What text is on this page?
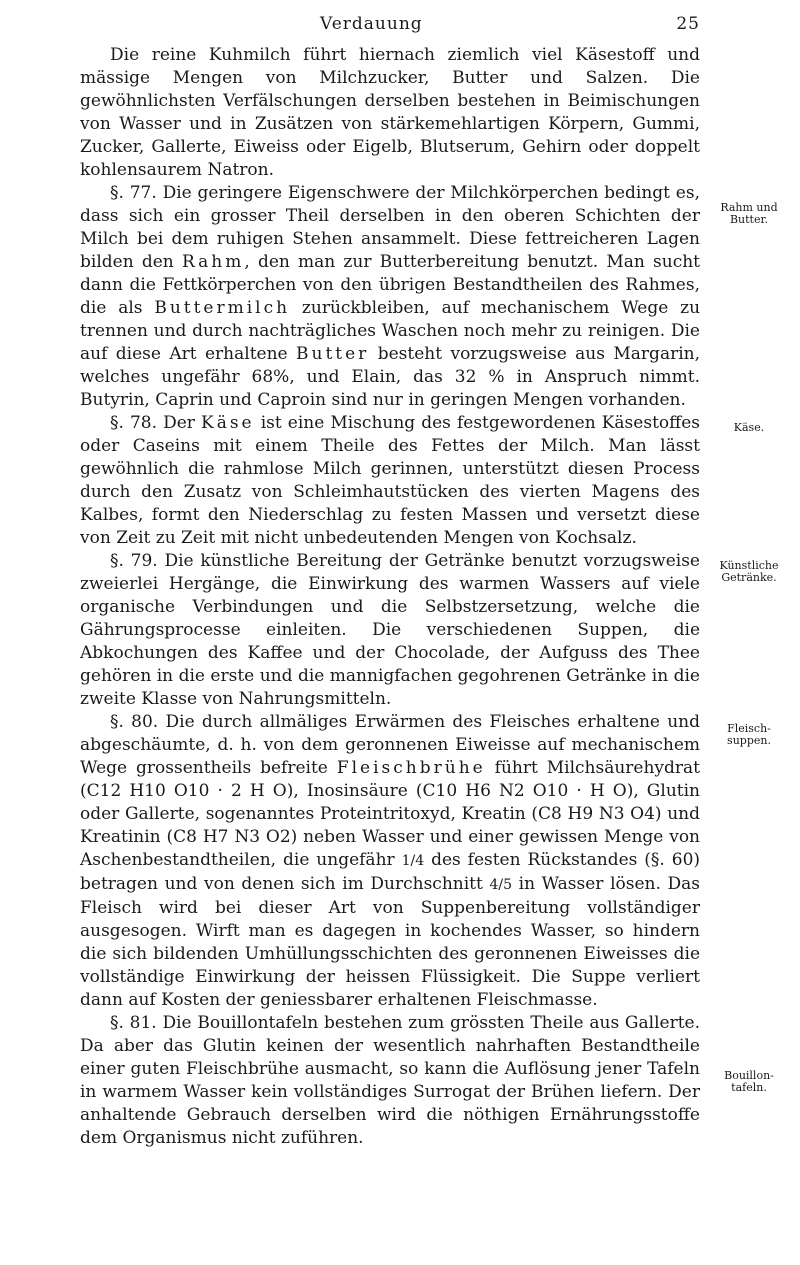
Verdauung	25

Die reine Kuhmilch führt hiernach ziemlich viel Käsestoff und mässige Mengen von Milchzucker, Butter und Salzen. Die gewöhnlichsten Verfälschungen derselben bestehen in Beimischungen von Wasser und in Zusätzen von stärkemehlartigen Körpern, Gummi, Zucker, Gallerte, Eiweiss oder Eigelb, Blutserum, Gehirn oder doppelt kohlensaurem Natron.

§. 77. Die geringere Eigenschwere der Milchkörperchen bedingt es, dass sich ein grosser Theil derselben in den oberen Schichten der Milch bei dem ruhigen Stehen ansammelt. Diese fettreicheren Lagen bilden den Rahm, den man zur Butterbereitung benutzt. Man sucht dann die Fettkörperchen von den übrigen Bestandtheilen des Rahmes, die als Buttermilch zurückbleiben, auf mechanischem Wege zu trennen und durch nachträgliches Waschen noch mehr zu reinigen. Die auf diese Art erhaltene Butter besteht vorzugsweise aus Margarin, welches ungefähr 68%, und Elain, das 32 % in Anspruch nimmt. Butyrin, Caprin und Caproin sind nur in geringen Mengen vorhanden.

§. 78. Der Käse ist eine Mischung des festgewordenen Käsestoffes oder Caseins mit einem Theile des Fettes der Milch. Man lässt gewöhnlich die rahmlose Milch gerinnen, unterstützt diesen Process durch den Zusatz von Schleimhautstücken des vierten Magens des Kalbes, formt den Niederschlag zu festen Massen und versetzt diese von Zeit zu Zeit mit nicht unbedeutenden Mengen von Kochsalz.

§. 79. Die künstliche Bereitung der Getränke benutzt vorzugsweise zweierlei Hergänge, die Einwirkung des warmen Wassers auf viele organische Verbindungen und die Selbstzersetzung, welche die Gährungsprocesse einleiten. Die verschiedenen Suppen, die Abkochungen des Kaffee und der Chocolade, der Aufguss des Thee gehören in die erste und die mannigfachen gegohrenen Getränke in die zweite Klasse von Nahrungsmitteln.

§. 80. Die durch allmäliges Erwärmen des Fleisches erhaltene und abgeschäumte, d. h. von dem geronnenen Eiweisse auf mechanischem Wege grossentheils befreite Fleischbrühe führt Milchsäurehydrat (C12 H10 O10 · 2 H O), Inosinsäure (C10 H6 N2 O10 · H O), Glutin oder Gallerte, sogenanntes Proteintritoxyd, Kreatin (C8 H9 N3 O4) und Kreatinin (C8 H7 N3 O2) neben Wasser und einer gewissen Menge von Aschenbestandtheilen, die ungefähr 1/4 des festen Rückstandes (§. 60) betragen und von denen sich im Durchschnitt 4/5 in Wasser lösen. Das Fleisch wird bei dieser Art von Suppenbereitung vollständiger ausgesogen. Wirft man es dagegen in kochendes Wasser, so hindern die sich bildenden Umhüllungsschichten des geronnenen Eiweisses die vollständige Einwirkung der heissen Flüssigkeit. Die Suppe verliert dann auf Kosten der geniessbarer erhaltenen Fleischmasse.

§. 81. Die Bouillontafeln bestehen zum grössten Theile aus Gallerte. Da aber das Glutin keinen der wesentlich nahrhaften Bestandtheile einer guten Fleischbrühe ausmacht, so kann die Auflösung jener Tafeln in warmem Wasser kein vollständiges Surrogat der Brühen liefern. Der anhaltende Gebrauch derselben wird die nöthigen Ernährungsstoffe dem Organismus nicht zuführen.

Rahm und
Butter.
Käse.
Künstliche
Getränke.
Fleisch-
suppen.
Bouillon-
tafeln.
